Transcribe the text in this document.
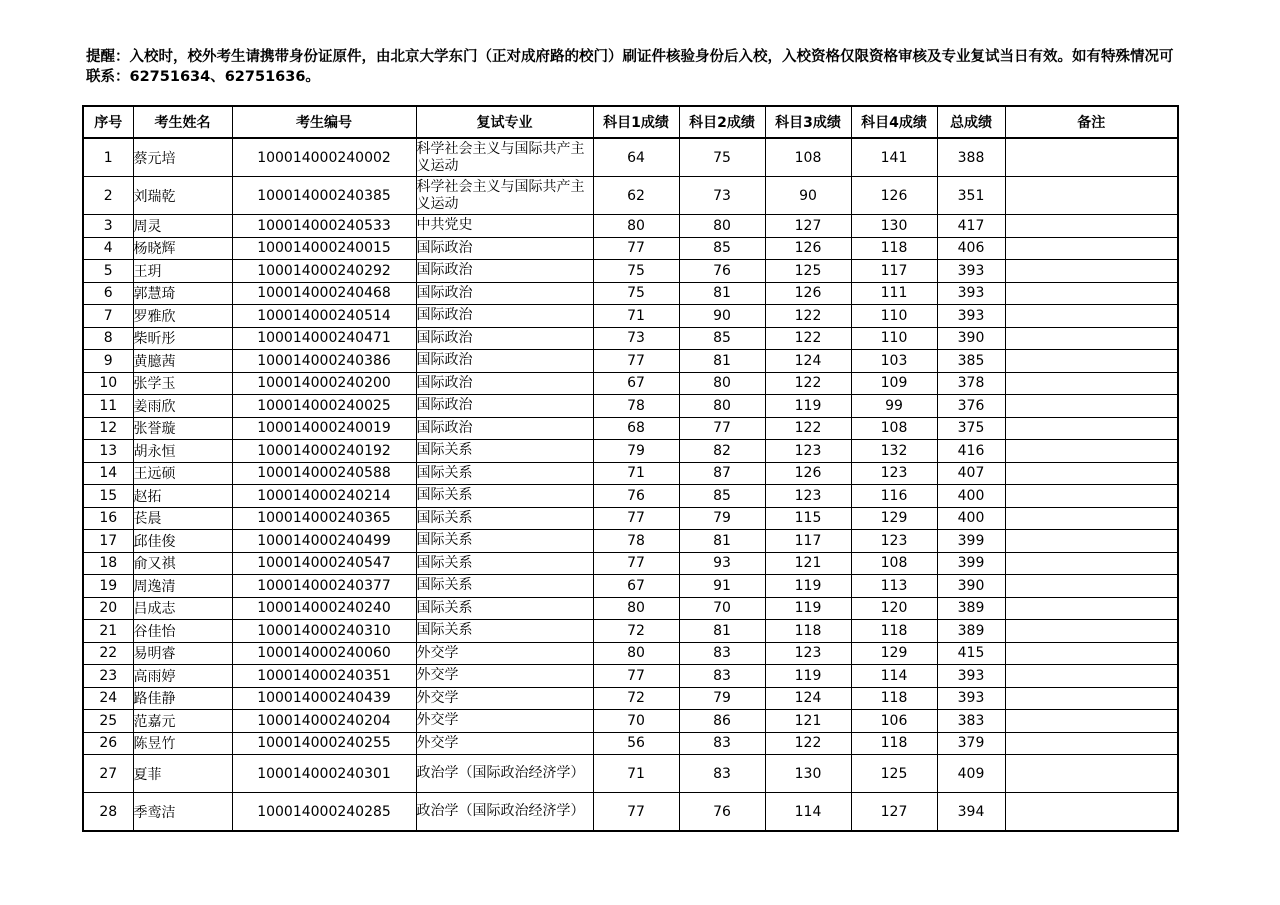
提醒：入校时，校外考生请携带身份证原件，由北京大学东门（正对成府路的校门）刷证件核验身份后入校，入校资格仅限资格审核及专业复试当日有效。如有特殊情况可联系：62751634、62751636。
序号	考生姓名	考生编号	复试专业	科目1成绩	科目2成绩	科目3成绩	科目4成绩	总成绩	备注
1	蔡元培	100014000240002	科学社会主义与国际共产主义运动	64	75	108	141	388	
2	刘瑞乾	100014000240385	科学社会主义与国际共产主义运动	62	73	90	126	351	
3	周灵	100014000240533	中共党史	80	80	127	130	417	
4	杨晓辉	100014000240015	国际政治	77	85	126	118	406	
5	王玥	100014000240292	国际政治	75	76	125	117	393	
6	郭慧琦	100014000240468	国际政治	75	81	126	111	393	
7	罗雅欣	100014000240514	国际政治	71	90	122	110	393	
8	柴昕彤	100014000240471	国际政治	73	85	122	110	390	
9	黄臆茜	100014000240386	国际政治	77	81	124	103	385	
10	张学玉	100014000240200	国际政治	67	80	122	109	378	
11	姜雨欣	100014000240025	国际政治	78	80	119	99	376	
12	张誉璇	100014000240019	国际政治	68	77	122	108	375	
13	胡永恒	100014000240192	国际关系	79	82	123	132	416	
14	王远硕	100014000240588	国际关系	71	87	126	123	407	
15	赵拓	100014000240214	国际关系	76	85	123	116	400	
16	苌晨	100014000240365	国际关系	77	79	115	129	400	
17	邱佳俊	100014000240499	国际关系	78	81	117	123	399	
18	俞又祺	100014000240547	国际关系	77	93	121	108	399	
19	周逸清	100014000240377	国际关系	67	91	119	113	390	
20	吕成志	100014000240240	国际关系	80	70	119	120	389	
21	谷佳怡	100014000240310	国际关系	72	81	118	118	389	
22	易明睿	100014000240060	外交学	80	83	123	129	415	
23	高雨婷	100014000240351	外交学	77	83	119	114	393	
24	路佳静	100014000240439	外交学	72	79	124	118	393	
25	范嘉元	100014000240204	外交学	70	86	121	106	383	
26	陈昱竹	100014000240255	外交学	56	83	122	118	379	
27	夏菲	100014000240301	政治学（国际政治经济学）	71	83	130	125	409	
28	季鸾洁	100014000240285	政治学（国际政治经济学）	77	76	114	127	394	
